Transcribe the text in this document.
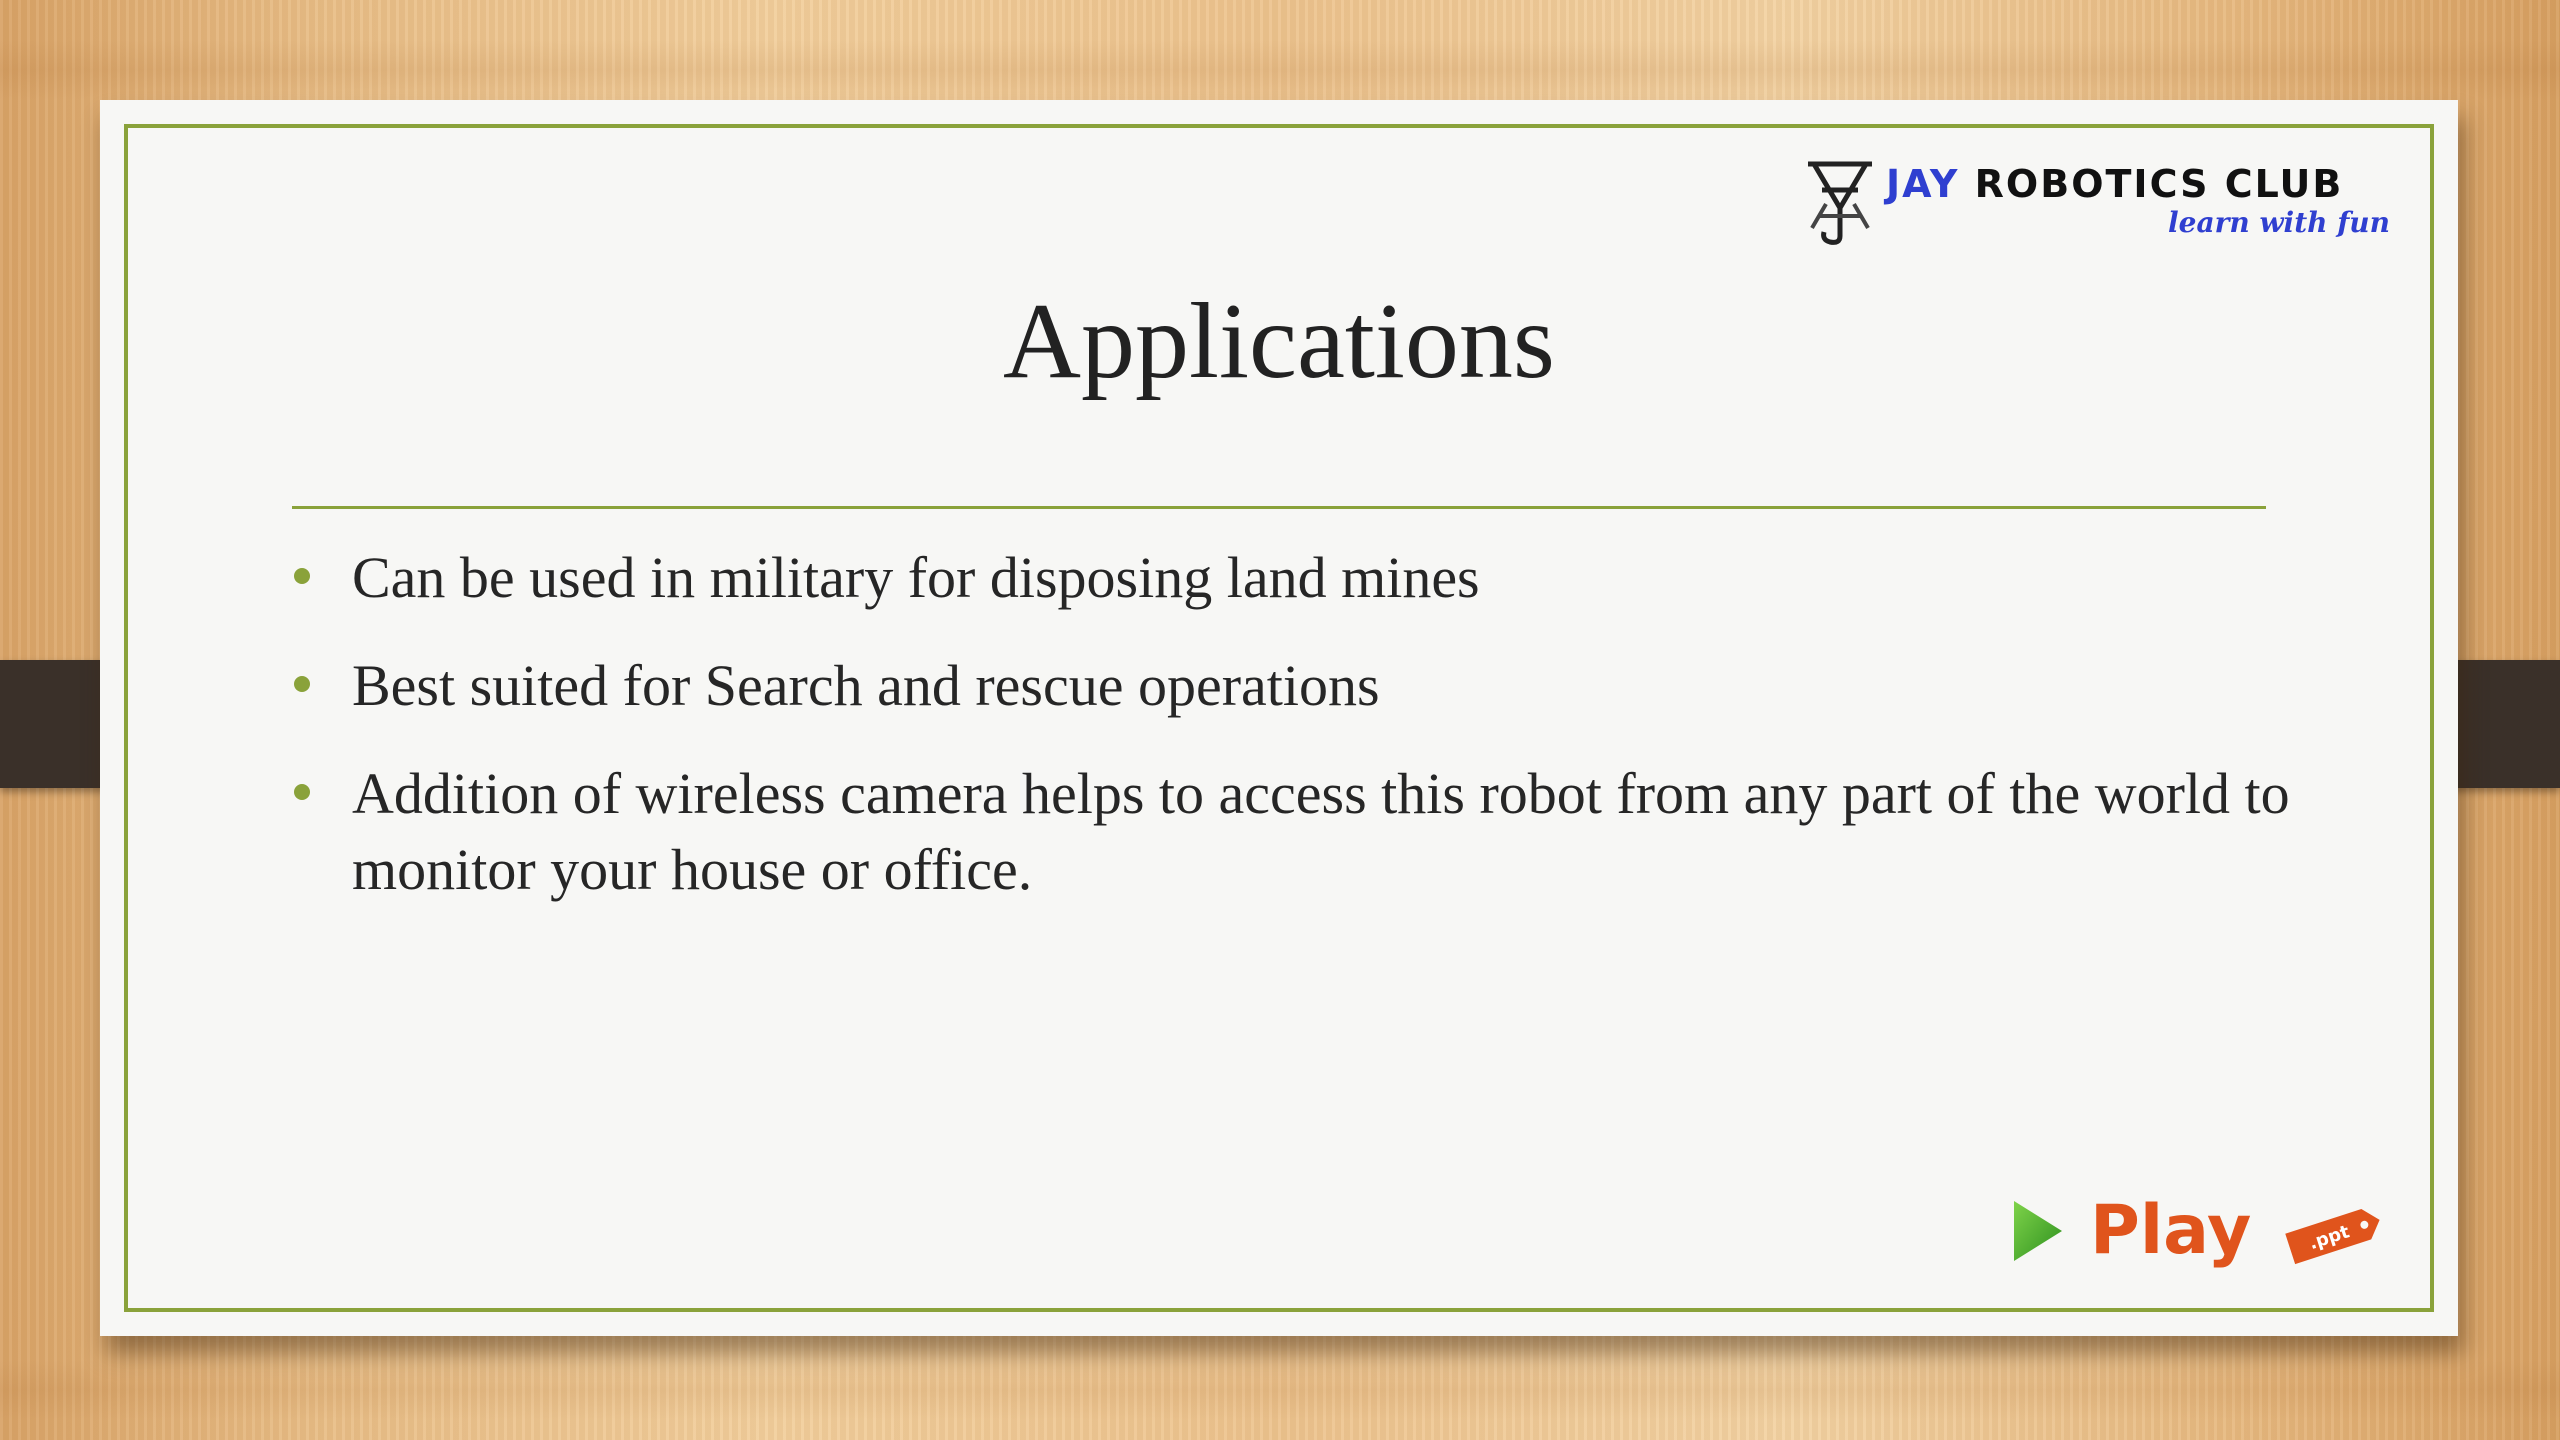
JAY ROBOTICS CLUB
learn with fun
Applications
Can be used in military for disposing land mines
Best suited for Search and rescue operations
Addition of wireless camera helps to access this robot from any part of the world to monitor your house or office.
Play	.ppt
